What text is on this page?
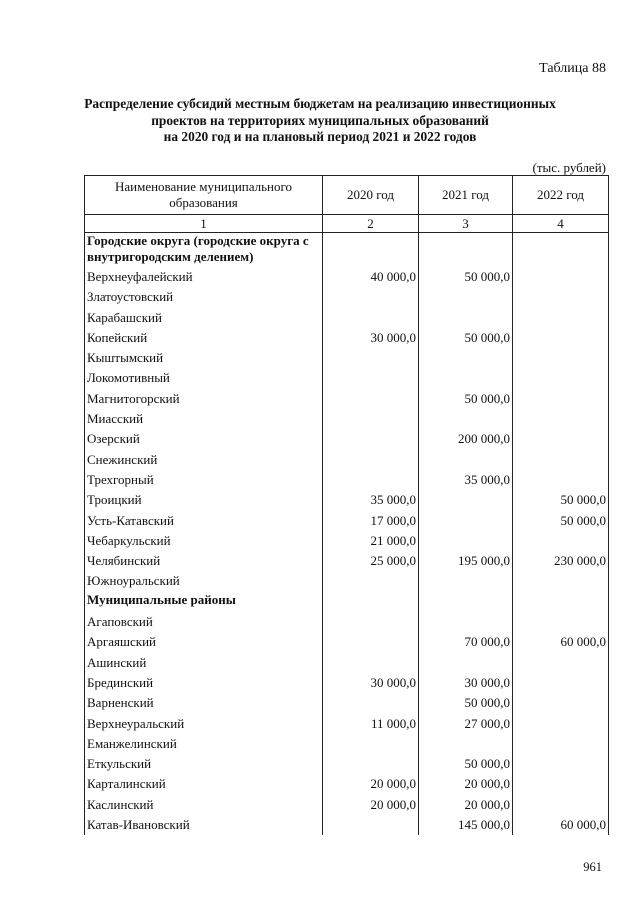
Таблица 88
Распределение субсидий местным бюджетам на реализацию инвестиционных
проектов на территориях муниципальных образований
на 2020 год и на плановый период 2021 и 2022 годов
(тыс. рублей)
Наименование муниципального образования	2020 год	2021 год	2022 год
1	2	3	4
Городские округа (городские округа с внутригородским делением)			
Верхнеуфалейский	40 000,0	50 000,0	
Златоустовский			
Карабашский			
Копейский	30 000,0	50 000,0	
Кыштымский			
Локомотивный			
Магнитогорский		50 000,0	
Миасский			
Озерский		200 000,0	
Снежинский			
Трехгорный		35 000,0	
Троицкий	35 000,0		50 000,0
Усть-Катавский	17 000,0		50 000,0
Чебаркульский	21 000,0		
Челябинский	25 000,0	195 000,0	230 000,0
Южноуральский			
Муниципальные районы			
Агаповский			
Аргаяшский		70 000,0	60 000,0
Ашинский			
Брединский	30 000,0	30 000,0	
Варненский		50 000,0	
Верхнеуральский	11 000,0	27 000,0	
Еманжелинский			
Еткульский		50 000,0	
Карталинский	20 000,0	20 000,0	
Каслинский	20 000,0	20 000,0	
Катав-Ивановский		145 000,0	60 000,0
961
